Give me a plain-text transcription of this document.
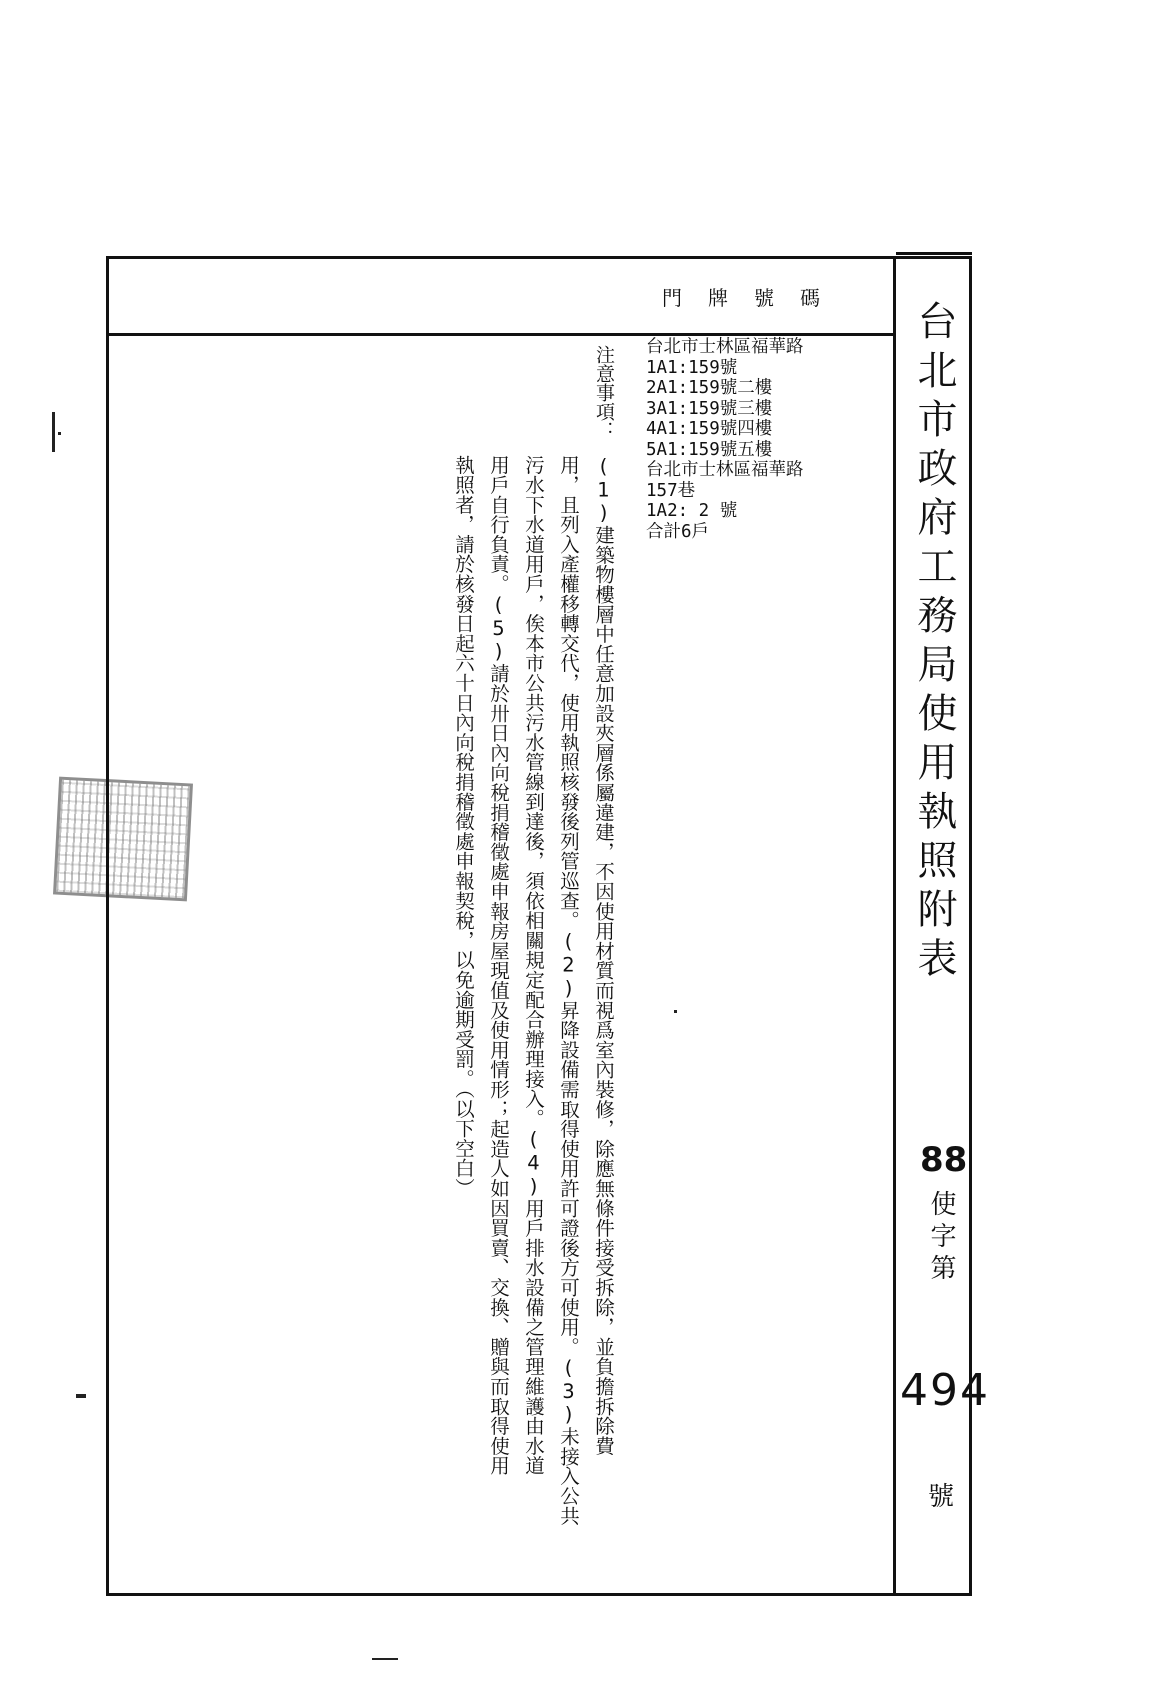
台北市政府工務局使用執照附表
88
使字第
494
號
門牌號碼
台北市士林區福華路
1A1:159號
2A1:159號二樓
3A1:159號三樓
4A1:159號四樓
5A1:159號五樓
台北市士林區福華路
157巷
1A2: 2 號
合計6戶
注意事項：
(1)建築物樓層中任意加設夾層係屬違建，不因使用材質而視爲室內裝修，除應無條件接受拆除，並負擔拆除費
用，且列入產權移轉交代，使用執照核發後列管巡查。(2)昇降設備需取得使用許可證後方可使用。(3)未接入公共
污水下水道用戶，俟本市公共污水管線到達後，須依相關規定配合辦理接入。(4)用戶排水設備之管理維護由水道
用戶自行負責。(5)請於卅日內向稅捐稽徵處申報房屋現值及使用情形；起造人如因買賣、交換、贈與而取得使用
執照者，請於核發日起六十日內向稅捐稽徵處申報契稅，以免逾期受罰。（以下空白）
